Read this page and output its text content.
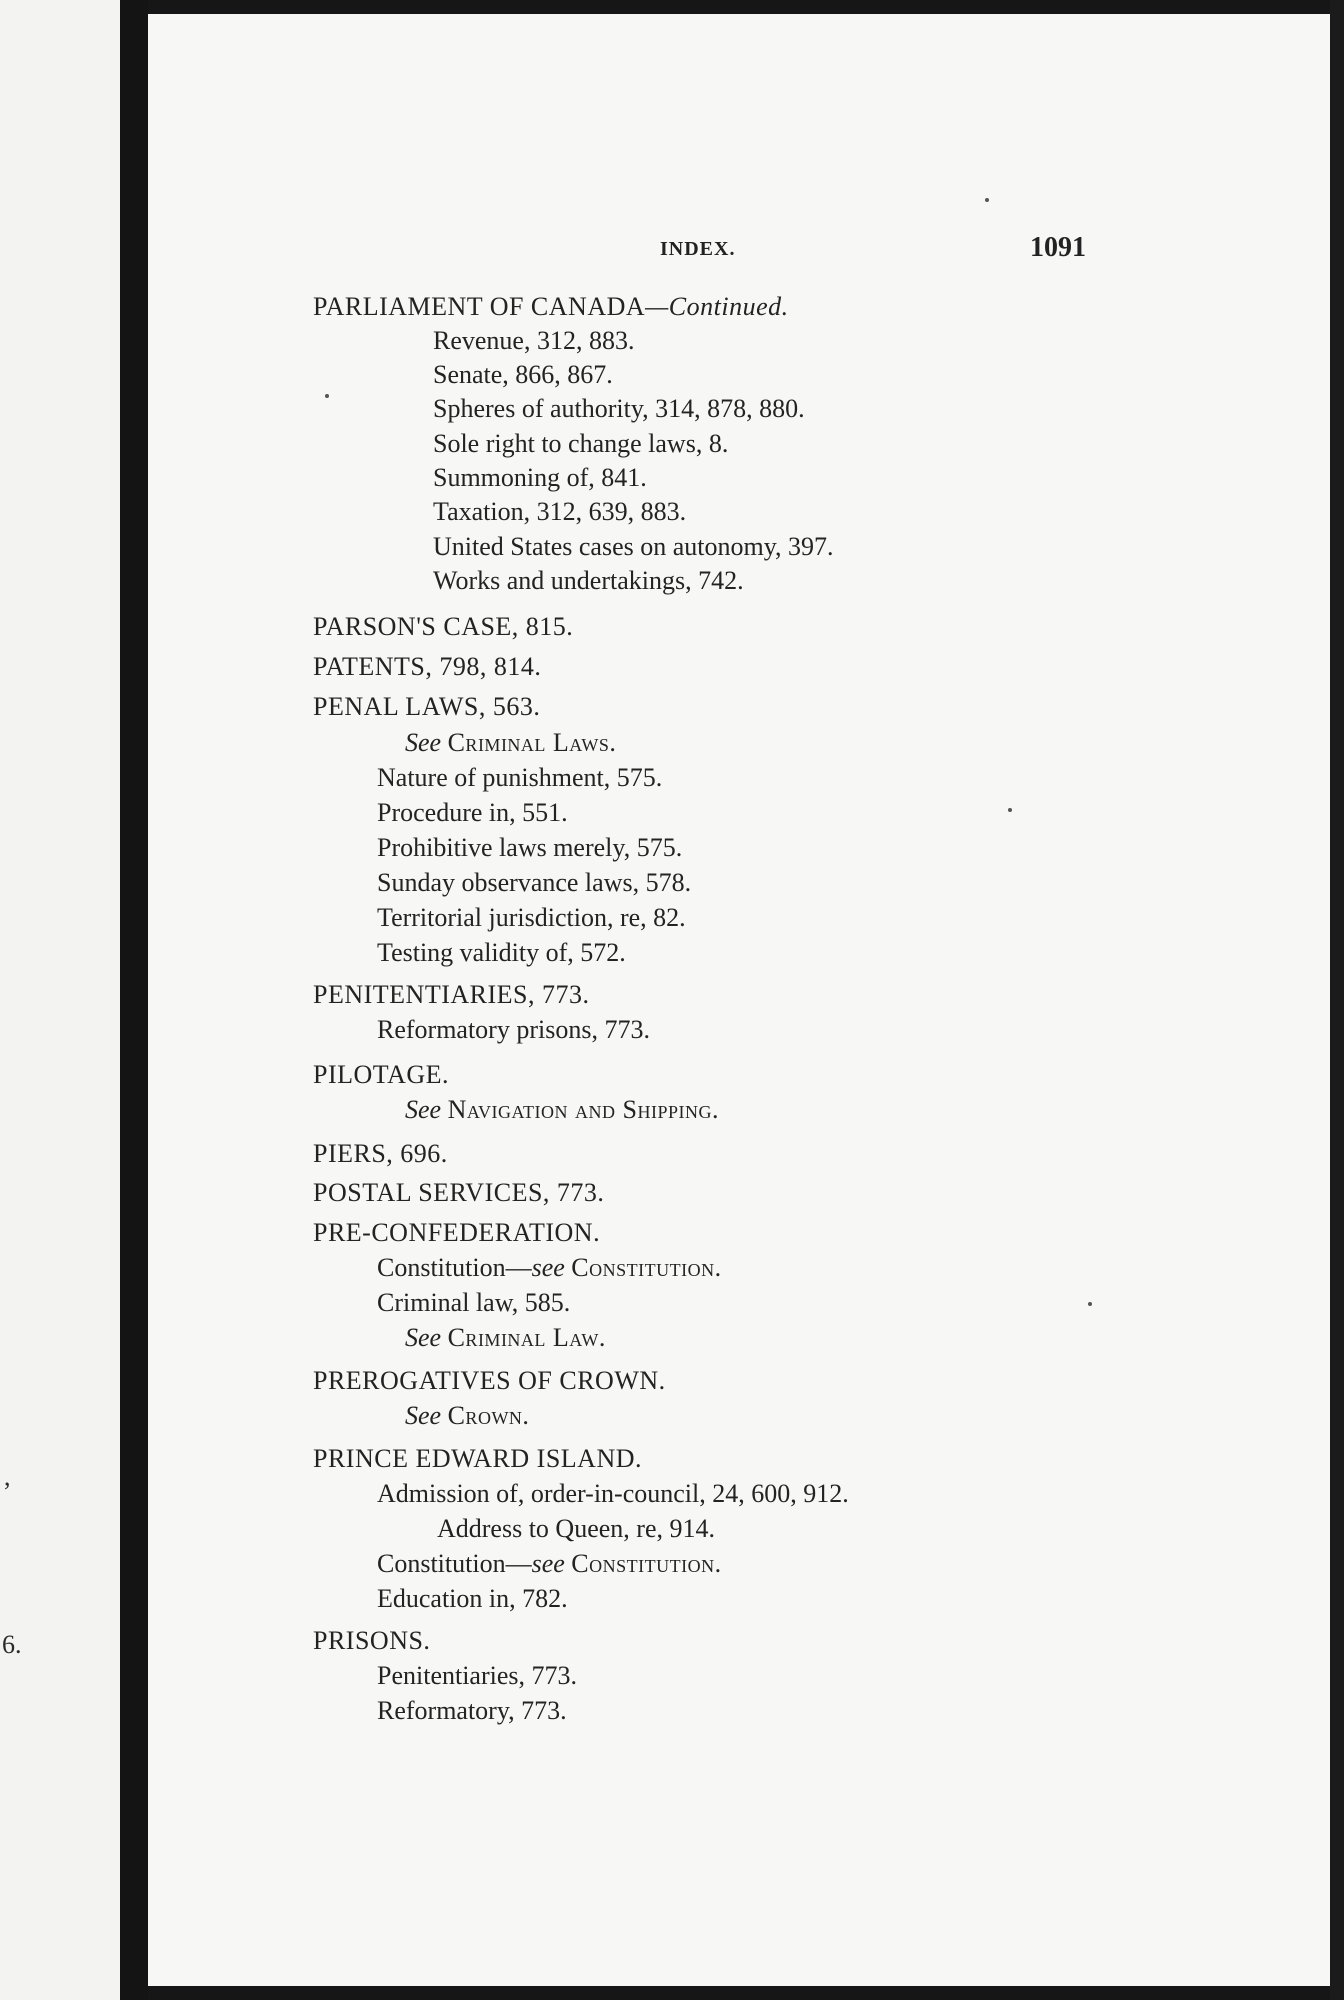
,
6.
INDEX.	1091
PARLIAMENT OF CANADA—Continued.
Revenue, 312, 883.
Senate, 866, 867.
Spheres of authority, 314, 878, 880.
Sole right to change laws, 8.
Summoning of, 841.
Taxation, 312, 639, 883.
United States cases on autonomy, 397.
Works and undertakings, 742.
PARSON'S CASE, 815.
PATENTS, 798, 814.
PENAL LAWS, 563.
See Criminal Laws.
Nature of punishment, 575.
Procedure in, 551.
Prohibitive laws merely, 575.
Sunday observance laws, 578.
Territorial jurisdiction, re, 82.
Testing validity of, 572.
PENITENTIARIES, 773.
Reformatory prisons, 773.
PILOTAGE.
See Navigation and Shipping.
PIERS, 696.
POSTAL SERVICES, 773.
PRE-CONFEDERATION.
Constitution—see Constitution.
Criminal law, 585.
See Criminal Law.
PREROGATIVES OF CROWN.
See Crown.
PRINCE EDWARD ISLAND.
Admission of, order-in-council, 24, 600, 912.
Address to Queen, re, 914.
Constitution—see Constitution.
Education in, 782.
PRISONS.
Penitentiaries, 773.
Reformatory, 773.
